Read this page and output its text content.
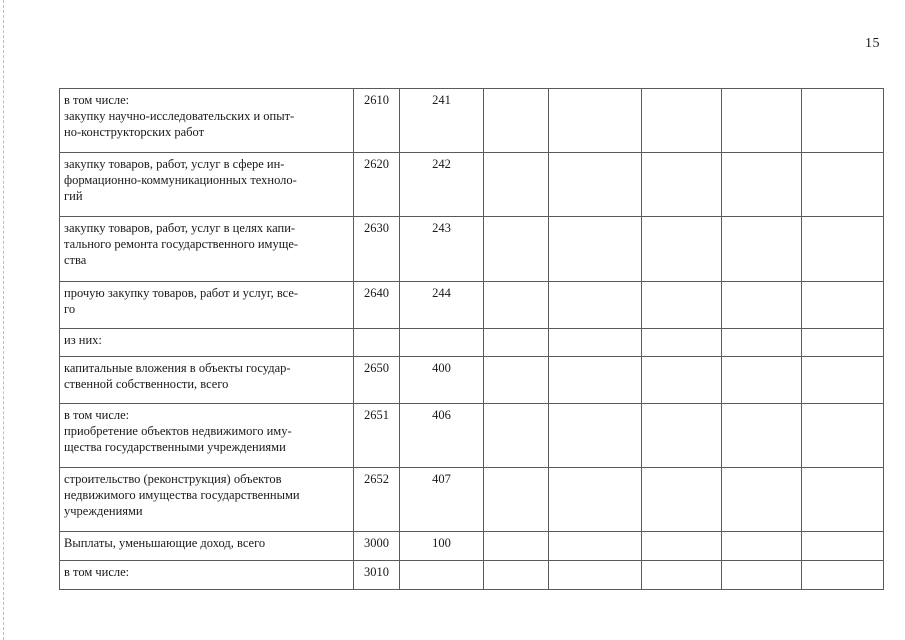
15
в том числе:
закупку научно-исследовательских и опыт-
но-конструкторских работ	2610	241						

закупку товаров, работ, услуг в сфере ин-
формационно-коммуникационных техноло-
гий	2620	242						

закупку товаров, работ, услуг в целях капи-
тального ремонта государственного имуще-
ства	2630	243						

прочую закупку товаров, работ и услуг, все-
го	2640	244						

из них:								

капитальные вложения в объекты государ-
ственной собственности, всего	2650	400						

в том числе:
приобретение объектов недвижимого иму-
щества государственными учреждениями	2651	406						

строительство (реконструкция) объектов
недвижимого имущества государственными
учреждениями	2652	407						

Выплаты, уменьшающие доход, всего	3000	100						

в том числе:	3010							
